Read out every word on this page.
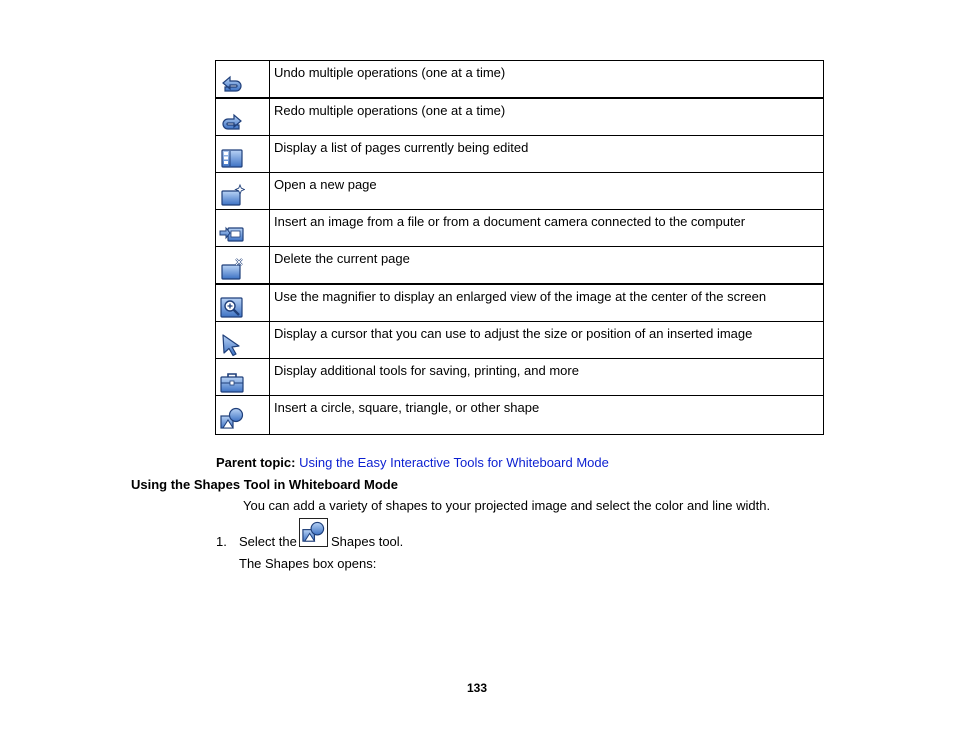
	Undo multiple operations (one at a time)

	Redo multiple operations (one at a time)

	Display a list of pages currently being edited

	Open a new page

	Insert an image from a file or from a document camera connected to the computer

	Delete the current page

	Use the magnifier to display an enlarged view of the image at the center of the screen

	Display a cursor that you can use to adjust the size or position of an inserted image

	Display additional tools for saving, printing, and more

	Insert a circle, square, triangle, or other shape
Parent topic: Using the Easy Interactive Tools for Whiteboard Mode
Using the Shapes Tool in Whiteboard Mode
You can add a variety of shapes to your projected image and select the color and line width.
1. Select the	Shapes tool.
The Shapes box opens:
133
